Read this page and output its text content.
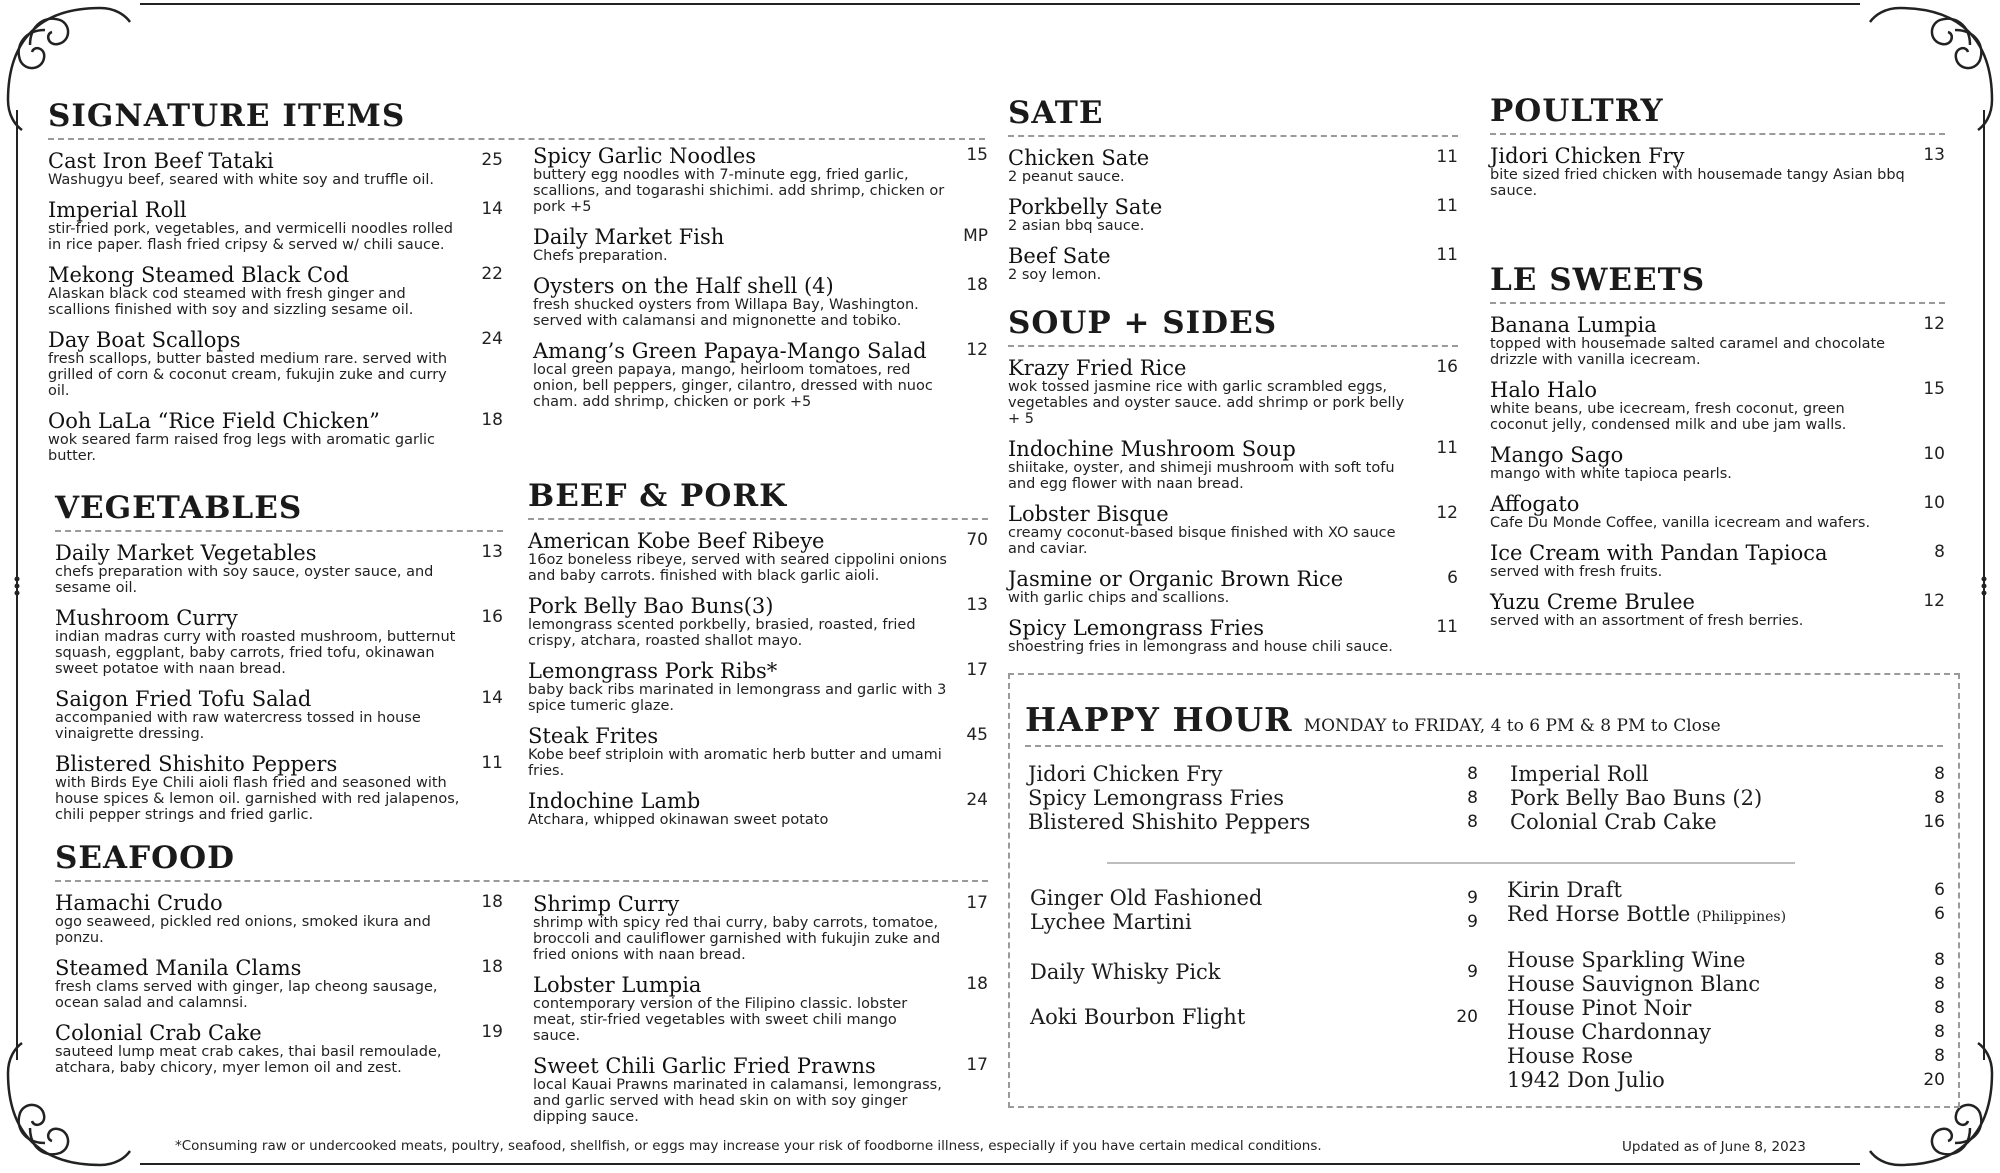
SIGNATURE ITEMS
Cast Iron Beef Tataki	25
Washugyu beef, seared with white soy and truffle oil.
Imperial Roll	14
stir-fried pork, vegetables, and vermicelli noodles rolled in rice paper. flash fried cripsy & served w/ chili sauce.
Mekong Steamed Black Cod	22
Alaskan black cod steamed with fresh ginger and scallions finished with soy and sizzling sesame oil.
Day Boat Scallops	24
fresh scallops, butter basted medium rare. served with grilled of corn & coconut cream, fukujin zuke and curry oil.
Ooh LaLa “Rice Field Chicken”	18
wok seared farm raised frog legs with aromatic garlic butter.
Spicy Garlic Noodles	15
buttery egg noodles with 7-minute egg, fried garlic, scallions, and togarashi shichimi. add shrimp, chicken or pork +5
Daily Market Fish	MP
Chefs preparation.
Oysters on the Half shell (4)	18
fresh shucked oysters from Willapa Bay, Washington. served with calamansi and mignonette and tobiko.
Amang’s Green Papaya-Mango Salad	12
local green papaya, mango, heirloom tomatoes, red onion, bell peppers, ginger, cilantro, dressed with nuoc cham. add shrimp, chicken or pork +5
VEGETABLES
Daily Market Vegetables	13
chefs preparation with soy sauce, oyster sauce, and sesame oil.
Mushroom Curry	16
indian madras curry with roasted mushroom, butternut squash, eggplant, baby carrots, fried tofu, okinawan sweet potatoe with naan bread.
Saigon Fried Tofu Salad	14
accompanied with raw watercress tossed in house vinaigrette dressing.
Blistered Shishito Peppers	11
with Birds Eye Chili aioli flash fried and seasoned with house spices & lemon oil. garnished with red jalapenos, chili pepper strings and fried garlic.
BEEF & PORK
American Kobe Beef Ribeye	70
16oz boneless ribeye, served with seared cippolini onions and baby carrots. finished with black garlic aioli.
Pork Belly Bao Buns(3)	13
lemongrass scented porkbelly, brasied, roasted, fried crispy, atchara, roasted shallot mayo.
Lemongrass Pork Ribs*	17
baby back ribs marinated in lemongrass and garlic with 3 spice tumeric glaze.
Steak Frites	45
Kobe beef striploin with aromatic herb butter and umami fries.
Indochine Lamb	24
Atchara, whipped okinawan sweet potato
SEAFOOD
Hamachi Crudo	18
ogo seaweed, pickled red onions, smoked ikura and ponzu.
Steamed Manila Clams	18
fresh clams served with ginger, lap cheong sausage, ocean salad and calamnsi.
Colonial Crab Cake	19
sauteed lump meat crab cakes, thai basil remoulade, atchara, baby chicory, myer lemon oil and zest.
Shrimp Curry	17
shrimp with spicy red thai curry, baby carrots, tomatoe, broccoli and cauliflower garnished with fukujin zuke and fried onions with naan bread.
Lobster Lumpia	18
contemporary version of the Filipino classic. lobster meat, stir-fried vegetables with sweet chili mango sauce.
Sweet Chili Garlic Fried Prawns	17
local Kauai Prawns marinated in calamansi, lemongrass, and garlic served with head skin on with soy ginger dipping sauce.
SATE
Chicken Sate	11
2 peanut sauce.
Porkbelly Sate	11
2 asian bbq sauce.
Beef Sate	11
2 soy lemon.
SOUP + SIDES
Krazy Fried Rice	16
wok tossed jasmine rice with garlic scrambled eggs, vegetables and oyster sauce. add shrimp or pork belly + 5
Indochine Mushroom Soup	11
shiitake, oyster, and shimeji mushroom with soft tofu and egg flower with naan bread.
Lobster Bisque	12
creamy coconut-based bisque finished with XO sauce and caviar.
Jasmine or Organic Brown Rice	6
with garlic chips and scallions.
Spicy Lemongrass Fries	11
shoestring fries in lemongrass and house chili sauce.
POULTRY
Jidori Chicken Fry	13
bite sized fried chicken with housemade tangy Asian bbq sauce.
LE SWEETS
Banana Lumpia	12
topped with housemade salted caramel and chocolate drizzle with vanilla icecream.
Halo Halo	15
white beans, ube icecream, fresh coconut, green coconut jelly, condensed milk and ube jam walls.
Mango Sago	10
mango with white tapioca pearls.
Affogato	10
Cafe Du Monde Coffee, vanilla icecream and wafers.
Ice Cream with Pandan Tapioca	8
served with fresh fruits.
Yuzu Creme Brulee	12
served with an assortment of fresh berries.
HAPPY HOUR MONDAY to FRIDAY, 4 to 6 PM & 8 PM to Close
Jidori Chicken Fry	8
Spicy Lemongrass Fries	8
Blistered Shishito Peppers	8
Imperial Roll	8
Pork Belly Bao Buns (2)	8
Colonial Crab Cake	16
Ginger Old Fashioned	9
Lychee Martini	9
Daily Whisky Pick	9
Aoki Bourbon Flight	20
Kirin Draft	6
Red Horse Bottle (Philippines)	6
House Sparkling Wine	8
House Sauvignon Blanc	8
House Pinot Noir	8
House Chardonnay	8
House Rose	8
1942 Don Julio	20
*Consuming raw or undercooked meats, poultry, seafood, shellfish, or eggs may increase your risk of foodborne illness, especially if you have certain medical conditions.	Updated as of June 8, 2023
